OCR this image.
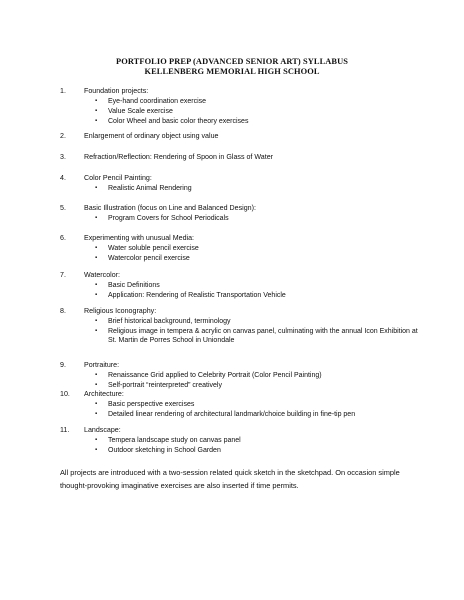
PORTFOLIO PREP (ADVANCED SENIOR ART) SYLLABUS
KELLENBERG MEMORIAL HIGH SCHOOL
1.	Foundation projects:
▪ Eye-hand coordination exercise
▪ Value Scale exercise
▪ Color Wheel and basic color theory exercises
2.	Enlargement of ordinary object using value
3.	Refraction/Reflection: Rendering of Spoon in Glass of Water
4.	Color Pencil Painting:
▪ Realistic Animal Rendering
5.	Basic Illustration (focus on Line and Balanced Design):
▪ Program Covers for School Periodicals
6.	Experimenting with unusual Media:
▪ Water soluble pencil exercise
▪ Watercolor pencil exercise
7.	Watercolor:
▪ Basic Definitions
▪ Application: Rendering of Realistic Transportation Vehicle
8.	Religious Iconography:
▪ Brief historical background, terminology
▪ Religious image in tempera & acrylic on canvas panel, culminating with the annual Icon Exhibition at St. Martin de Porres School in Uniondale
9.	Portraiture:
▪ Renaissance Grid applied to Celebrity Portrait (Color Pencil Painting)
▪ Self-portrait “reinterpreted” creatively
10. Architecture:
▪ Basic perspective exercises
▪ Detailed linear rendering of architectural landmark/choice building in fine-tip pen
11. Landscape:
▪ Tempera landscape study on canvas panel
▪ Outdoor sketching in School Garden
All projects are introduced with a two-session related quick sketch in the sketchpad. On occasion simple thought-provoking imaginative exercises are also inserted if time permits.
